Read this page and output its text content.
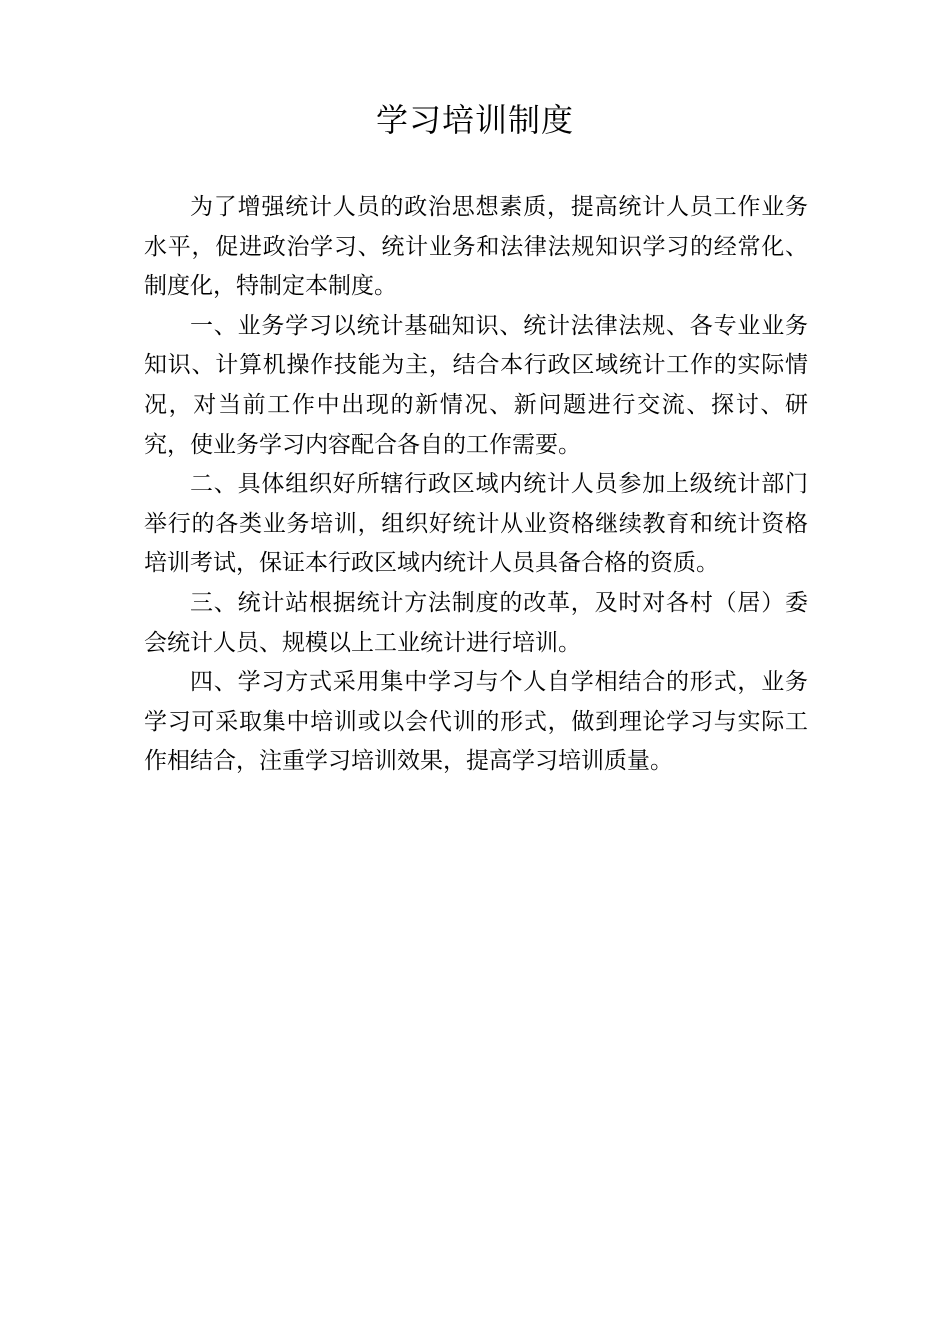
学习培训制度

为了增强统计人员的政治思想素质，提高统计人员工作业务水平，促进政治学习、统计业务和法律法规知识学习的经常化、制度化，特制定本制度。

一、业务学习以统计基础知识、统计法律法规、各专业业务知识、计算机操作技能为主，结合本行政区域统计工作的实际情况，对当前工作中出现的新情况、新问题进行交流、探讨、研究，使业务学习内容配合各自的工作需要。

二、具体组织好所辖行政区域内统计人员参加上级统计部门举行的各类业务培训，组织好统计从业资格继续教育和统计资格培训考试，保证本行政区域内统计人员具备合格的资质。

三、统计站根据统计方法制度的改革，及时对各村（居）委会统计人员、规模以上工业统计进行培训。

四、学习方式采用集中学习与个人自学相结合的形式，业务学习可采取集中培训或以会代训的形式，做到理论学习与实际工作相结合，注重学习培训效果，提高学习培训质量。
